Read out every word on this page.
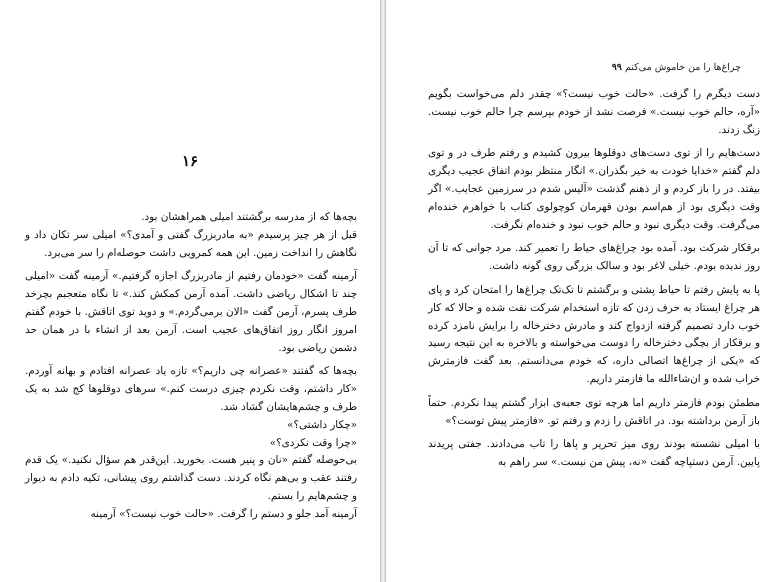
۱۶

بچه‌ها که از مدرسه برگشتند امیلی همراهشان بود.

قبل از هر چیز پرسیدم «به مادربزرگ گفتی و آمدی؟» امیلی سر تکان داد و نگاهش را انداخت زمین. این همه کمرویی داشت حوصله‌ام را سر می‌برد.

آرمینه گفت «خودمان رفتیم از مادربزرگ اجازه گرفتیم.» آرمینه گفت «امیلی چند تا اشکال ریاضی داشت. آمده آرمن کمکش کند.» تا نگاه متعجبم بچرخد طرف پسرم، آرمن گفت «الان برمی‌گردم.» و دوید توی اتاقش. با خودم گفتم امروز انگار روز اتفاق‌های عجیب است. آرمن بعد از انشاء با در همان حد دشمن ریاضی بود.

بچه‌ها که گفتند «عصرانه چی داریم؟» تازه یاد عصرانه افتادم و بهانه آوردم. «کار داشتم، وقت نکردم چیزی درست کنم.» سرهای دوقلوها کج شد به یک طرف و چشم‌هایشان گشاد شد.

«چکار داشتی؟»

«چرا وقت نکردی؟»

بی‌حوصله گفتم «نان و پنیر هست. بخورید. این‌قدر هم سؤال نکنید.» یک قدم رفتند عقب و بی‌هم نگاه کردند. دست گذاشتم روی پیشانی، تکیه دادم به دیوار و چشم‌هایم را بستم.

آرمینه آمد جلو و دستم را گرفت. «حالت خوب نیست؟» آرمینه

چراغ‌ها را من خاموش می‌کنم ۹۹

دست دیگرم را گرفت. «حالت خوب نیست؟» چقدر دلم می‌خواست بگویم «آره، حالم خوب نیست.» فرصت نشد از خودم بپرسم چرا حالم خوب نیست. زنگ زدند.

دست‌هایم را از توی دست‌های دوقلوها بیرون کشیدم و رفتم طرف در و توی دلم گفتم «خدایا خودت به خیر بگذران.» انگار منتظر بودم اتفاق عجیب دیگری بیفتد. در را باز کردم و از ذهنم گذشت «آلیس شدم در سرزمین عجایب.» اگر وقت دیگری بود از هم‌اسم بودن قهرمان کوچولوی کتاب با خواهرم خنده‌ام می‌گرفت. وقت دیگری نبود و حالم خوب نبود و خنده‌ام نگرفت.

برقکار شرکت بود. آمده بود چراغ‌های حیاط را تعمیر کند. مرد جوانی که تا آن روز ندیده بودم. خیلی لاغر بود و سالک بزرگی روی گونه داشت.

پا به پایش رفتم تا حیاط پشتی و برگشتم تا تک‌تک چراغ‌ها را امتحان کرد و پای هر چراغ ایستاد به حرف زدن که تازه استخدام شرکت نفت شده و حالا که کار خوب دارد تصمیم گرفته ازدواج کند و مادرش دخترخاله را برایش نامزد کرده و برقکار از بچگی دخترخاله را دوست می‌خواسته و بالاخره به این نتیجه رسید که «یکی از چراغ‌ها اتصالی داره، که خودم می‌دانستم. بعد گفت فازمترش خراب شده و ان‌شاءالله ما فازمتر داریم.

مطمئن بودم فازمتر داریم اما هرچه توی جعبه‌ی ابزار گشتم پیدا نکردم. حتماً باز آرمن برداشته بود. در اتاقش را زدم و رفتم تو. «فازمتر پیش توست؟»

با امیلی نشسته بودند روی میز تحریر و پاها را تاب می‌دادند. جفتی پریدند پایین. آرمن دستپاچه گفت «نه، پیش من نیست.» سر راهم به
